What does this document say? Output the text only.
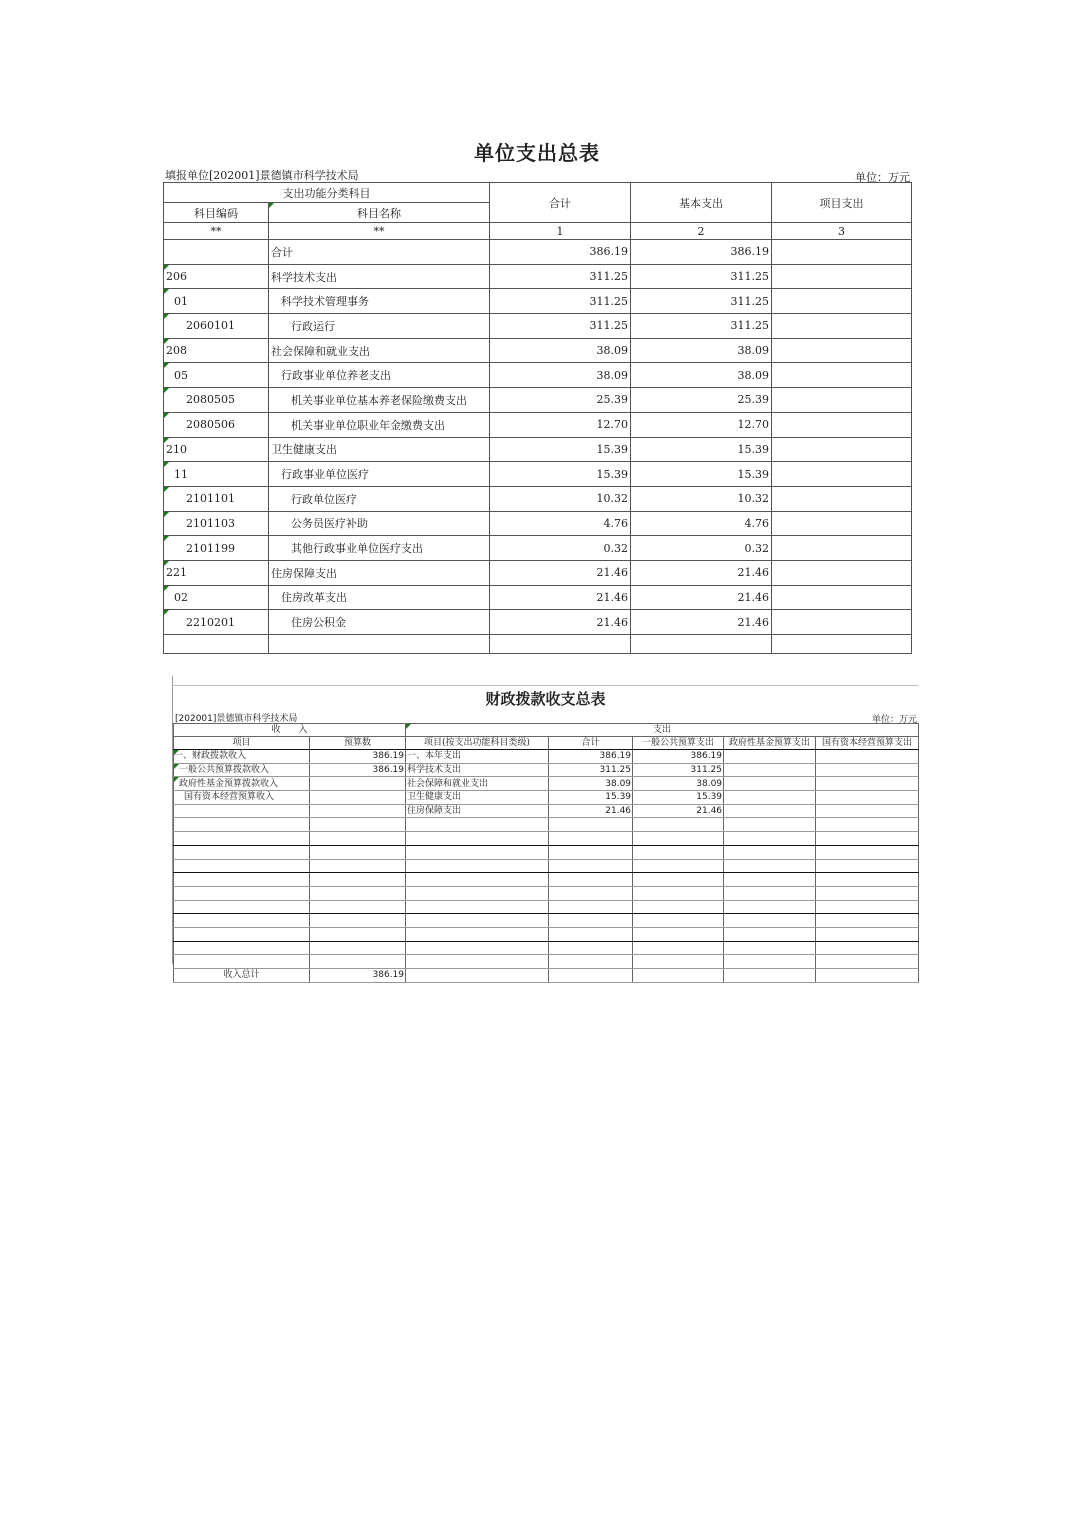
单位支出总表
填报单位[202001]景德镇市科学技术局	单位：万元
支出功能分类科目		合计	基本支出	项目支出
科目编码	科目名称			
**	**	1	2	3
	合计	386.19	386.19	
206	科学技术支出	311.25	311.25	
01	科学技术管理事务	311.25	311.25	
2060101	行政运行	311.25	311.25	
208	社会保障和就业支出	38.09	38.09	
05	行政事业单位养老支出	38.09	38.09	
2080505	机关事业单位基本养老保险缴费支出	25.39	25.39	
2080506	机关事业单位职业年金缴费支出	12.70	12.70	
210	卫生健康支出	15.39	15.39	
11	行政事业单位医疗	15.39	15.39	
2101101	行政单位医疗	10.32	10.32	
2101103	公务员医疗补助	4.76	4.76	
2101199	其他行政事业单位医疗支出	0.32	0.32	
221	住房保障支出	21.46	21.46	
02	住房改革支出	21.46	21.46	
2210201	住房公积金	21.46	21.46	

财政拨款收支总表
[202001]景德镇市科学技术局	单位：万元
收　　入		支出				
项目	预算数	项目(按支出功能科目类级)	合计	一般公共预算支出	政府性基金预算支出	国有资本经营预算支出
一、财政拨款收入	386.19	一、本年支出	386.19	386.19		
一般公共预算拨款收入	386.19	科学技术支出	311.25	311.25		
政府性基金预算拨款收入		社会保障和就业支出	38.09	38.09		
国有资本经营预算收入		卫生健康支出	15.39	15.39		
		住房保障支出	21.46	21.46		

收入总计	386.19					
